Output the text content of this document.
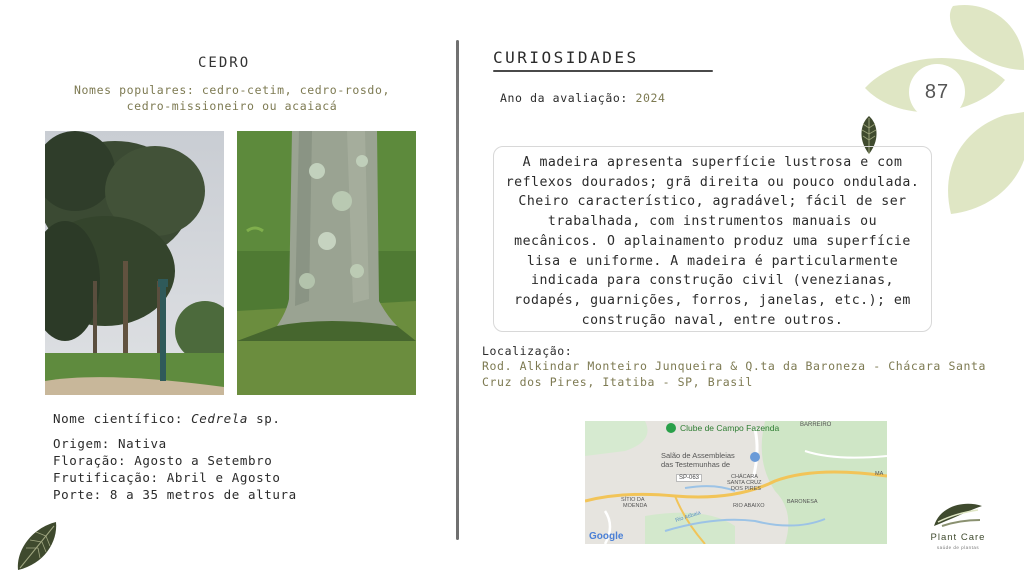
87
CEDRO
Nomes populares: cedro-cetim, cedro-rosdo, cedro-missioneiro ou acaiacá
Nome científico: Cedrela sp.
Origem: Nativa
Floração: Agosto a Setembro
Frutificação: Abril e Agosto
Porte: 8 a 35 metros de altura
CURIOSIDADES
Ano da avaliação: 2024
A madeira apresenta superfície lustrosa e com reflexos dourados; grã direita ou pouco ondulada. Cheiro característico, agradável; fácil de ser trabalhada, com instrumentos manuais ou mecânicos. O aplainamento produz uma superfície lisa e uniforme. A madeira é particularmente indicada para construção civil (venezianas, rodapés, guarnições, forros, janelas, etc.); em construção naval, entre outros.
Localização:
Rod. Alkindar Monteiro Junqueira & Q.ta da Baroneza - Chácara Santa
Cruz dos Pires, Itatiba - SP, Brasil
Clube de Campo Fazenda	BARREIRO
Salão de Assembleias
das Testemunhas de
SP-063	CHÁCARA
SANTA CRUZ
DOS PIRES
SÍTIO DA
MOENDA	RIO ABAIXO
Rio Atibaia
BARONESA
MA
Google	Plant Care
saúde de plantas
